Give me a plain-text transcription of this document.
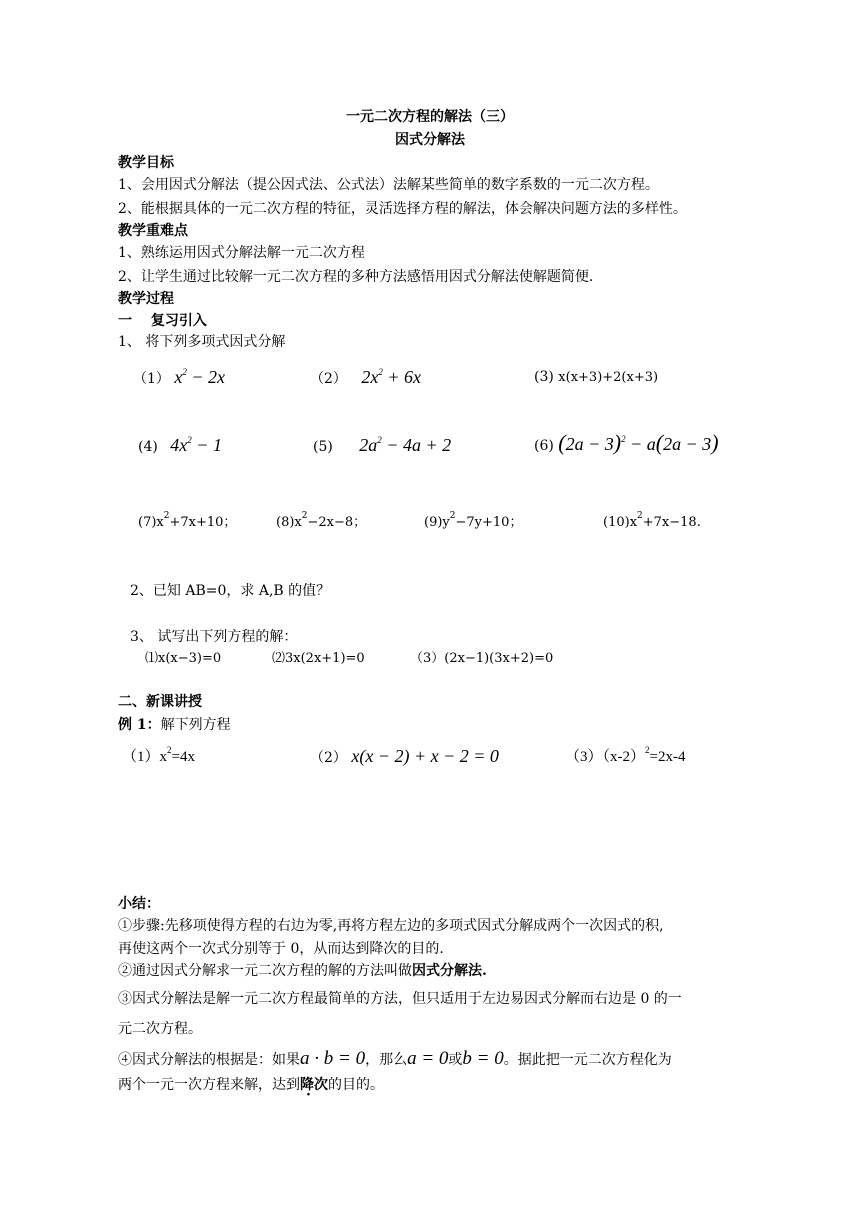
一元二次方程的解法（三）
因式分解法
教学目标
1、会用因式分解法（提公因式法、公式法）法解某些简单的数字系数的一元二次方程。
2、能根据具体的一元二次方程的特征，灵活选择方程的解法，体会解决问题方法的多样性。
教学重难点
1、熟练运用因式分解法解一元二次方程
2、让学生通过比较解一元二次方程的多种方法感悟用因式分解法使解题简便.
教学过程
一　 复习引入
1、 将下列多项式因式分解
（1） $x^2 - 2x$	（2） $2x^2 + 6x$	(3) x(x+3)+2(x+3)
(4) $4x^2 - 1$	(5) $2a^2 - 4a + 2$	(6) $(2a - 3)^2 - a(2a - 3)$
$(7)x^2+7x+10$；	$(8)x^2-2x-8$；	$(9)y^2-7y+10$；	$(10)x^2+7x-18$.
2、已知 AB=0，求 A,B 的值？
3、 试写出下列方程的解：
⑴x(x−3)=0	⑵3x(2x+1)=0	（3）(2x−1)(3x+2)=0
二、新课讲授
例 1：解下列方程
$(1)x^2=4x$	（2） x(x − 2) + x − 2 = 0	$(3)(x-2)^2=2x-4$
小结：
①步骤:先移项使得方程的右边为零,再将方程左边的多项式因式分解成两个一次因式的积,
再使这两个一次式分别等于 0，从而达到降次的目的.
②通过因式分解求一元二次方程的解的方法叫做因式分解法.
③因式分解法是解一元二次方程最简单的方法，但只适用于左边易因式分解而右边是 0 的一
元二次方程。
④因式分解法的根据是：如果a · b = 0，那么a = 0或b = 0。据此把一元二次方程化为
两个一元一次方程来解，达到降次的目的。
